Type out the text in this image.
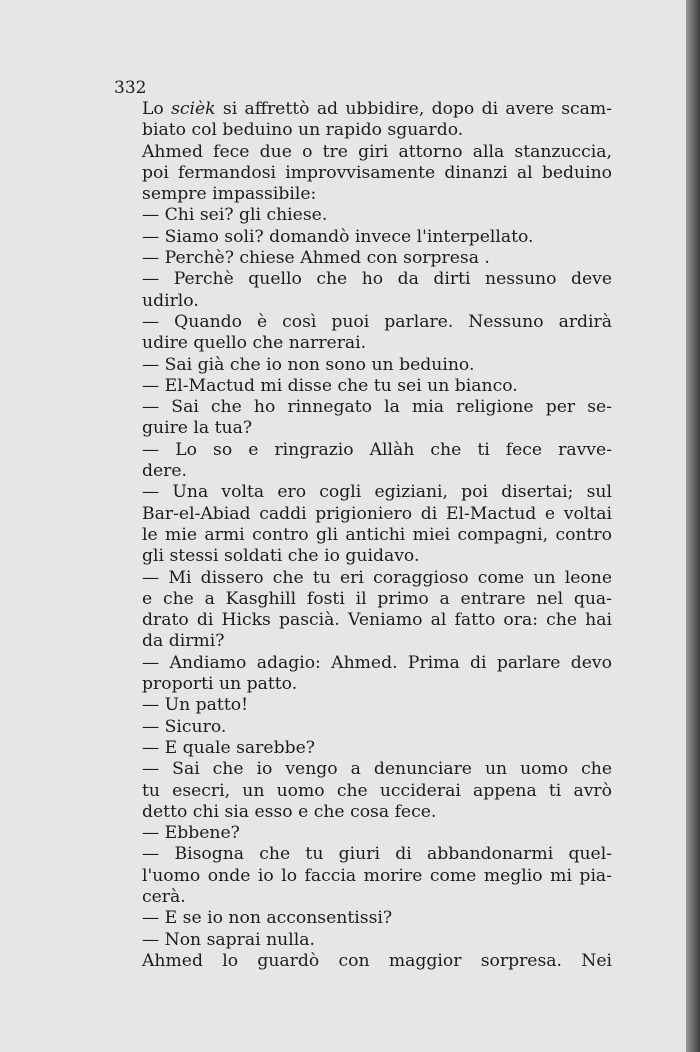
332

Lo scièk si affrettò ad ubbidire, dopo di avere scam-
biato col beduino un rapido sguardo.

Ahmed fece due o tre giri attorno alla stanzuccia,
poi fermandosi improvvisamente dinanzi al beduino
sempre impassibile:

— Chi sei? gli chiese.

— Siamo soli? domandò invece l'interpellato.

— Perchè? chiese Ahmed con sorpresa .

— Perchè quello che ho da dirti nessuno deve
udirlo.

— Quando è così puoi parlare. Nessuno ardirà
udire quello che narrerai.

— Sai già che io non sono un beduino.

— El-Mactud mi disse che tu sei un bianco.

— Sai che ho rinnegato la mia religione per se-
guire la tua?

— Lo so e ringrazio Allàh che ti fece ravve-
dere.

— Una volta ero cogli egiziani, poi disertai; sul
Bar-el-Abiad caddi prigioniero di El-Mactud e voltai
le mie armi contro gli antichi miei compagni, contro
gli stessi soldati che io guidavo.

— Mi dissero che tu eri coraggioso come un leone
e che a Kasghill fosti il primo a entrare nel qua-
drato di Hicks pascià. Veniamo al fatto ora: che hai
da dirmi?

— Andiamo adagio: Ahmed. Prima di parlare devo
proporti un patto.

— Un patto!

— Sicuro.

— E quale sarebbe?

— Sai che io vengo a denunciare un uomo che
tu esecri, un uomo che ucciderai appena ti avrò
detto chi sia esso e che cosa fece.

— Ebbene?

— Bisogna che tu giuri di abbandonarmi quel-
l'uomo onde io lo faccia morire come meglio mi pia-
cerà.

— E se io non acconsentissi?

— Non saprai nulla.

Ahmed lo guardò con maggior sorpresa. Nei
